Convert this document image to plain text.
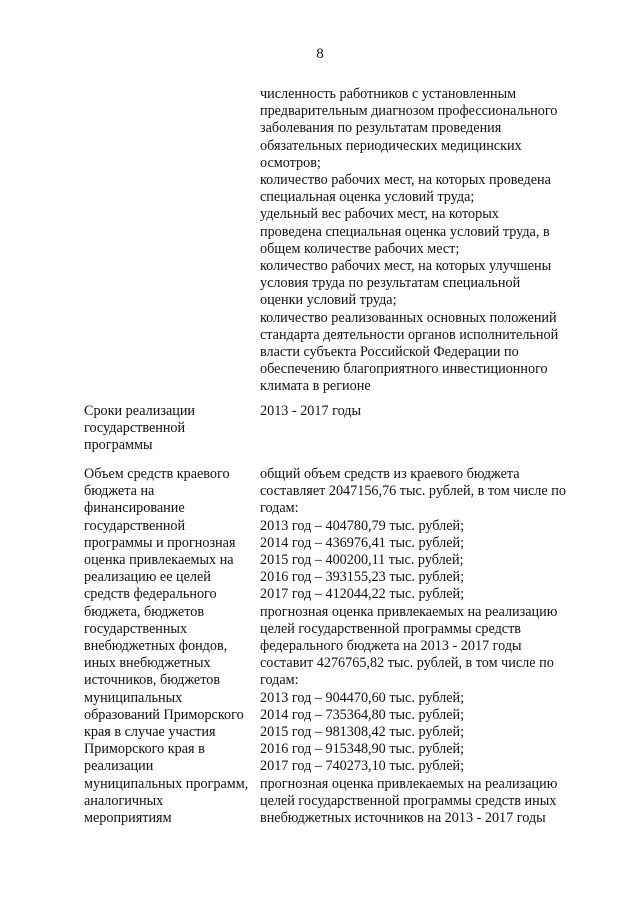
8
численность работников с установленным
предварительным диагнозом профессионального
заболевания по результатам проведения
обязательных периодических медицинских
осмотров;
количество рабочих мест, на которых проведена
специальная оценка условий труда;
удельный вес рабочих мест, на которых
проведена специальная оценка условий труда, в
общем количестве рабочих мест;
количество рабочих мест, на которых улучшены
условия труда по результатам специальной
оценки условий труда;
количество реализованных основных положений
стандарта деятельности органов исполнительной
власти субъекта Российской Федерации по
обеспечению благоприятного инвестиционного
климата в регионе
Сроки реализации
государственной
программы
2013 - 2017 годы
Объем средств краевого
бюджета на
финансирование
государственной
программы и прогнозная
оценка привлекаемых на
реализацию ее целей
средств федерального
бюджета, бюджетов
государственных
внебюджетных фондов,
иных внебюджетных
источников, бюджетов
муниципальных
образований Приморского
края в случае участия
Приморского края в
реализации
муниципальных программ,
аналогичных
мероприятиям
общий объем средств из краевого бюджета
составляет 2047156,76 тыс. рублей, в том числе по
годам:
2013 год – 404780,79 тыс. рублей;
2014 год – 436976,41 тыс. рублей;
2015 год – 400200,11 тыс. рублей;
2016 год – 393155,23 тыс. рублей;
2017 год – 412044,22 тыс. рублей;
прогнозная оценка привлекаемых на реализацию
целей государственной программы средств
федерального бюджета на 2013 - 2017 годы
составит 4276765,82 тыс. рублей, в том числе по
годам:
2013 год – 904470,60 тыс. рублей;
2014 год – 735364,80 тыс. рублей;
2015 год – 981308,42 тыс. рублей;
2016 год – 915348,90 тыс. рублей;
2017 год – 740273,10 тыс. рублей;
прогнозная оценка привлекаемых на реализацию
целей государственной программы средств иных
внебюджетных источников на 2013 - 2017 годы
